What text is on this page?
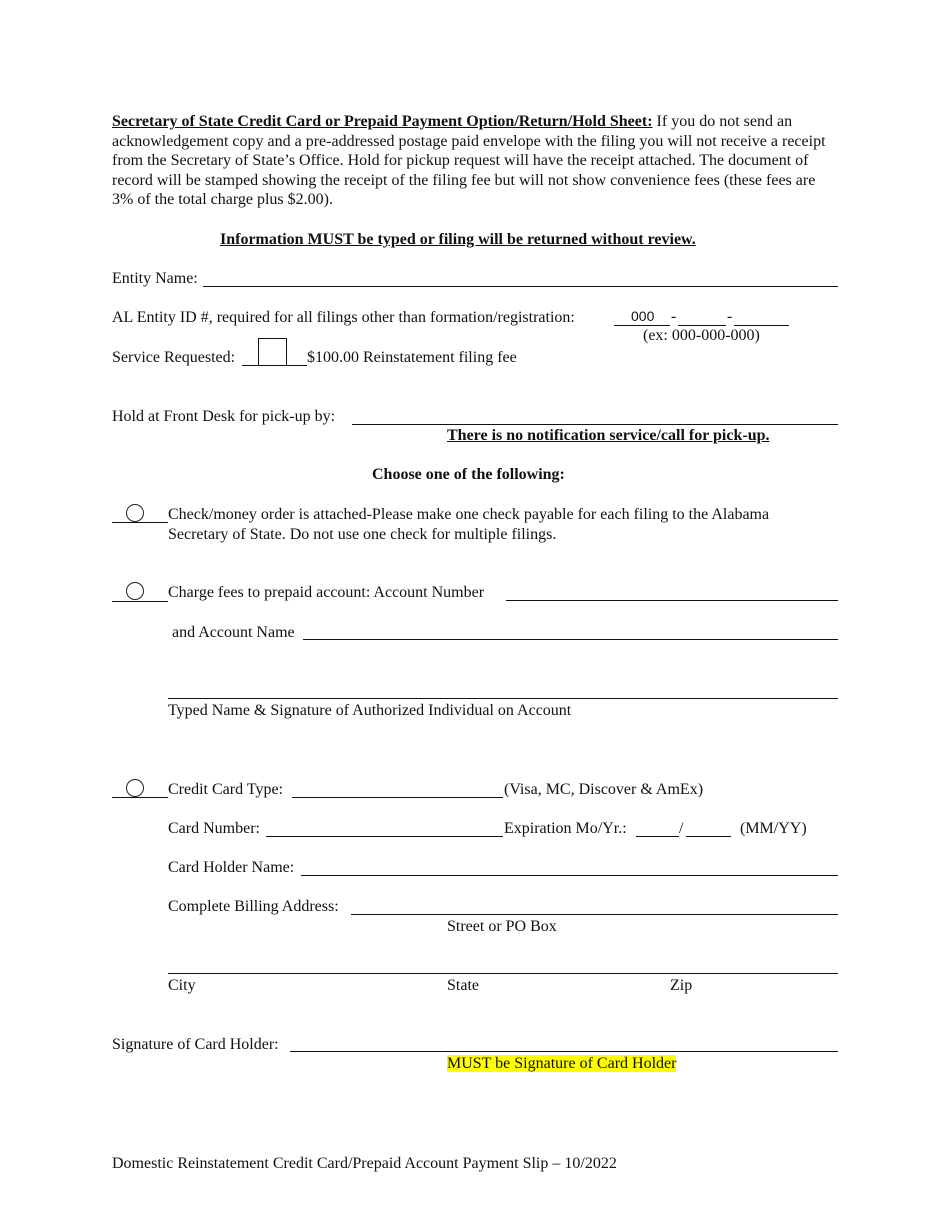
Secretary of State Credit Card or Prepaid Payment Option/Return/Hold Sheet: If you do not send an acknowledgement copy and a pre-addressed postage paid envelope with the filing you will not receive a receipt from the Secretary of State’s Office. Hold for pickup request will have the receipt attached. The document of record will be stamped showing the receipt of the filing fee but will not show convenience fees (these fees are 3% of the total charge plus $2.00).
Information MUST be typed or filing will be returned without review.
Entity Name:
AL Entity ID #, required for all filings other than formation/registration:	000 -	-
(ex: 000-000-000)
Service Requested:	$100.00 Reinstatement filing fee
Hold at Front Desk for pick-up by:
There is no notification service/call for pick-up.
Choose one of the following:
Check/money order is attached-Please make one check payable for each filing to the Alabama
Secretary of State. Do not use one check for multiple filings.
Charge fees to prepaid account: Account Number
and Account Name
Typed Name & Signature of Authorized Individual on Account
Credit Card Type:	(Visa, MC, Discover & AmEx)
Card Number:	Expiration Mo/Yr.:	/	(MM/YY)
Card Holder Name:
Complete Billing Address:
Street or PO Box
City	State	Zip
Signature of Card Holder:
MUST be Signature of Card Holder
Domestic Reinstatement Credit Card/Prepaid Account Payment Slip – 10/2022
